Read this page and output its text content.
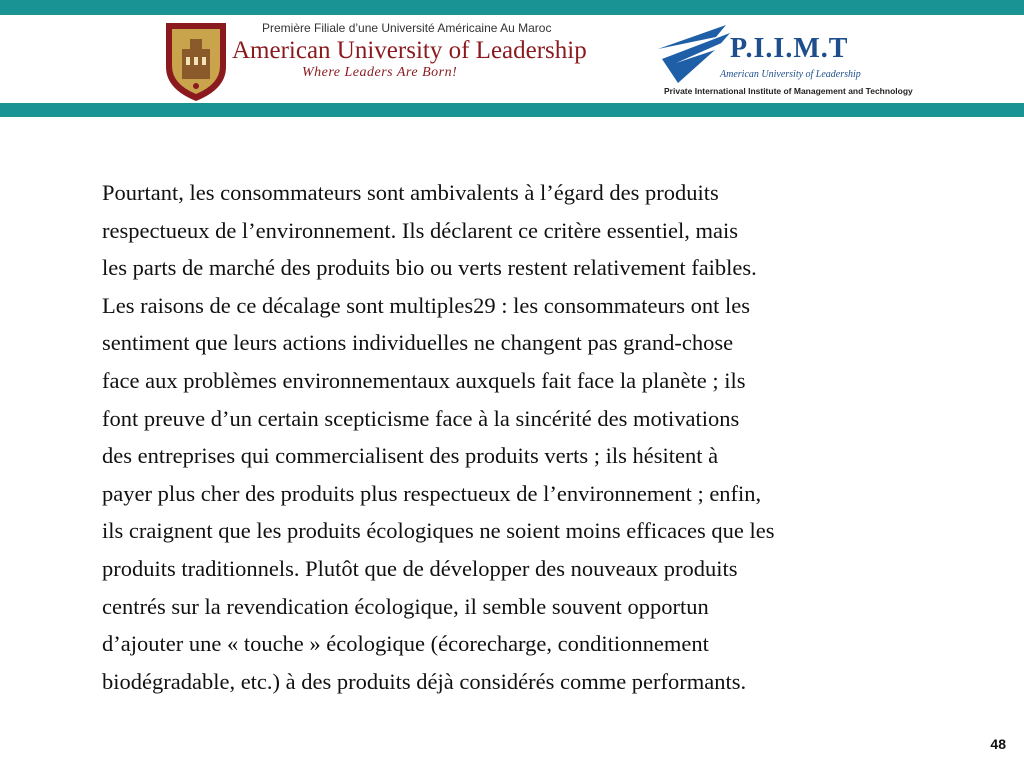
Première Filiale d’une Université Américaine Au Maroc
American University of Leadership
Where Leaders Are Born!
P.I.I.M.T
American University of Leadership
Private International Institute of Management and Technology
Pourtant, les consommateurs sont ambivalents à l’égard des produits
respectueux de l’environnement. Ils déclarent ce critère essentiel, mais
les parts de marché des produits bio ou verts restent relativement faibles.
Les raisons de ce décalage sont multiples29 : les consommateurs ont les
sentiment que leurs actions individuelles ne changent pas grand-chose
face aux problèmes environnementaux auxquels fait face la planète ; ils
font preuve d’un certain scepticisme face à la sincérité des motivations
des entreprises qui commercialisent des produits verts ; ils hésitent à
payer plus cher des produits plus respectueux de l’environnement ; enfin,
ils craignent que les produits écologiques ne soient moins efficaces que les
produits traditionnels. Plutôt que de développer des nouveaux produits
centrés sur la revendication écologique, il semble souvent opportun
d’ajouter une « touche » écologique (écorecharge, conditionnement
biodégradable, etc.) à des produits déjà considérés comme performants.
48
